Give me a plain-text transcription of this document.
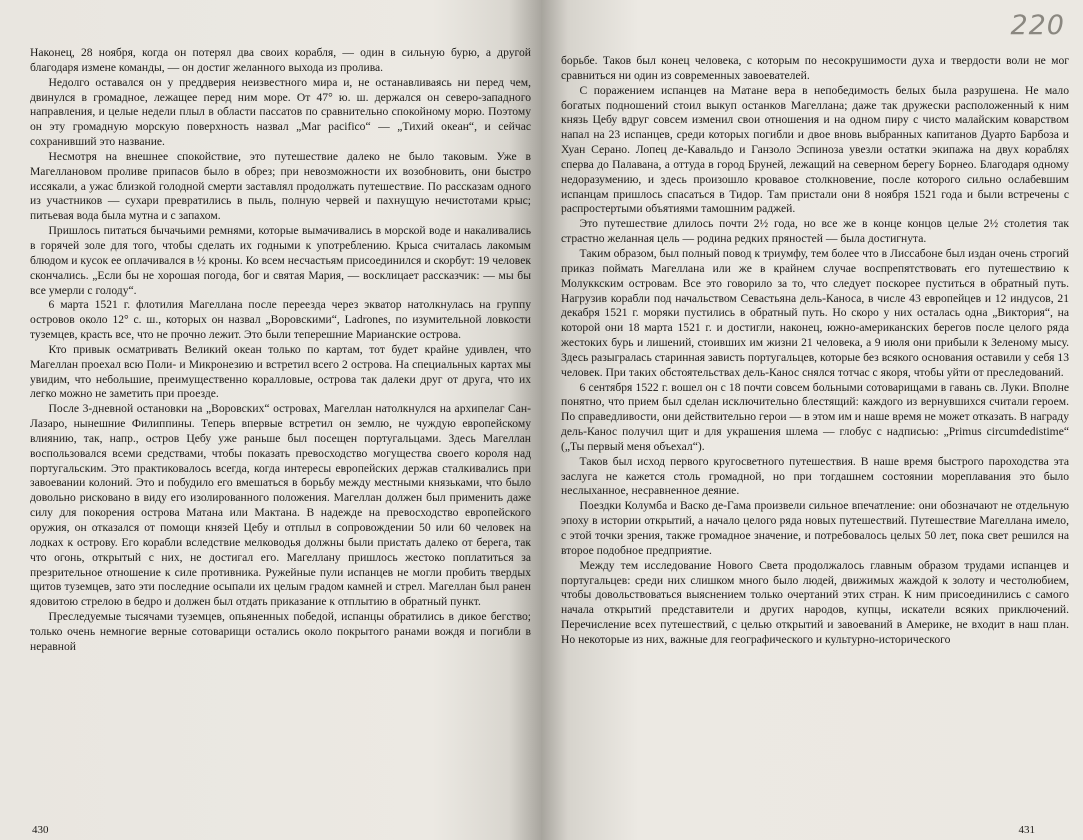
Наконец, 28 ноября, когда он потерял два своих корабля, — один в сильную бурю, а другой благодаря измене команды, — он достиг желанного выхода из пролива.

Недолго оставался он у преддверия неизвестного мира и, не останавливаясь ни перед чем, двинулся в громадное, лежащее перед ним море. От 47° ю. ш. держался он северо-западного направления, и целые недели плыл в области пассатов по сравнительно спокойному морю. Поэтому он эту громадную морскую поверхность назвал „Mar pacifico“ — „Тихий океан“, и сейчас сохранивший это название.

Несмотря на внешнее спокойствие, это путешествие далеко не было таковым. Уже в Магеллановом проливе припасов было в обрез; при невозможности их возобновить, они быстро иссякали, а ужас близкой голодной смерти заставлял продолжать путешествие. По рассказам одного из участников — сухари превратились в пыль, полную червей и пахнущую нечистотами крыс; питьевая вода была мутна и с запахом.

Пришлось питаться бычачьими ремнями, которые вымачивались в морской воде и накаливались в горячей золе для того, чтобы сделать их годными к употреблению. Крыса считалась лакомым блюдом и кусок ее оплачивался в ½ кроны. Ко всем несчастьям присоединился и скорбут: 19 человек скончались. „Если бы не хорошая погода, бог и святая Мария, — восклицает рассказчик: — мы бы все умерли с голоду“.

6 марта 1521 г. флотилия Магеллана после переезда через экватор натолкнулась на группу островов около 12° с. ш., которых он назвал „Воровскими“, Ladrones, по изумительной ловкости туземцев, красть все, что не прочно лежит. Это были теперешние Марианские острова.

Кто привык осматривать Великий океан только по картам, тот будет крайне удивлен, что Магеллан проехал всю Поли- и Микронезию и встретил всего 2 острова. На специальных картах мы увидим, что небольшие, преимущественно коралловые, острова так далеки друг от друга, что их легко можно не заметить при проезде.

После 3-дневной остановки на „Воровских“ островах, Магеллан натолкнулся на архипелаг Сан-Лазаро, нынешние Филиппины. Теперь впервые встретил он землю, не чуждую европейскому влиянию, так, напр., остров Цебу уже раньше был посещен португальцами. Здесь Магеллан воспользовался всеми средствами, чтобы показать превосходство могущества своего короля над португальским. Это практиковалось всегда, когда интересы европейских держав сталкивались при завоевании колоний. Это и побудило его вмешаться в борьбу между местными князьками, что было довольно рисковано в виду его изолированного положения. Магеллан должен был применить даже силу для покорения острова Матана или Мактана. В надежде на превосходство европейского оружия, он отказался от помощи князей Цебу и отплыл в сопровождении 50 или 60 человек на лодках к острову. Его корабли вследствие мелководья должны были пристать далеко от берега, так что огонь, открытый с них, не достигал его. Магеллану пришлось жестоко поплатиться за презрительное отношение к силе противника. Ружейные пули испанцев не могли пробить твердых щитов туземцев, зато эти последние осыпали их целым градом камней и стрел. Магеллан был ранен ядовитою стрелою в бедро и должен был отдать приказание к отплытию в обратный пункт.

Преследуемые тысячами туземцев, опьяненных победой, испанцы обратились в дикое бегство; только очень немногие верные сотоварищи остались около покрытого ранами вождя и погибли в неравной

430
220

борьбе. Таков был конец человека, с которым по несокрушимости духа и твердости воли не мог сравниться ни один из современных завоевателей.

С поражением испанцев на Матане вера в непобедимость белых была разрушена. Не мало богатых подношений стоил выкуп останков Магеллана; даже так дружески расположенный к ним князь Цебу вдруг совсем изменил свои отношения и на одном пиру с чисто малайским коварством напал на 23 испанцев, среди которых погибли и двое вновь выбранных капитанов Дуарто Барбоза и Хуан Серано. Лопец де-Кавальдо и Ганзоло Эспиноза увезли остатки экипажа на двух кораблях сперва до Палавана, а оттуда в город Бруней, лежащий на северном берегу Борнео. Благодаря одному недоразумению, и здесь произошло кровавое столкновение, после которого сильно ослабевшим испанцам пришлось спасаться в Тидор. Там пристали они 8 ноября 1521 года и были встречены с распростертыми объятиями тамошним раджей.

Это путешествие длилось почти 2½ года, но все же в конце концов целые 2½ столетия так страстно желанная цель — родина редких пряностей — была достигнута.

Таким образом, был полный повод к триумфу, тем более что в Лиссабоне был издан очень строгий приказ поймать Магеллана или же в крайнем случае воспрепятствовать его путешествию к Молуккским островам. Все это говорило за то, что следует поскорее пуститься в обратный путь. Нагрузив корабли под начальством Севастьяна дель-Каноса, в числе 43 европейцев и 12 индусов, 21 декабря 1521 г. моряки пустились в обратный путь. Но скоро у них осталась одна „Виктория“, на которой они 18 марта 1521 г. и достигли, наконец, южно-американских берегов после целого ряда жестоких бурь и лишений, стоивших им жизни 21 человека, а 9 июля они прибыли к Зеленому мысу. Здесь разыгралась старинная зависть португальцев, которые без всякого основания оставили у себя 13 человек. При таких обстоятельствах дель-Канос снялся тотчас с якоря, чтобы уйти от преследований.

6 сентября 1522 г. вошел он с 18 почти совсем больными сотоварищами в гавань св. Луки. Вполне понятно, что прием был сделан исключительно блестящий: каждого из вернувшихся считали героем. По справедливости, они действительно герои — в этом им и наше время не может отказать. В награду дель-Канос получил щит и для украшения шлема — глобус с надписью: „Primus circumdedistime“ („Ты первый меня объехал“).

Таков был исход первого кругосветного путешествия. В наше время быстрого пароходства эта заслуга не кажется столь громадной, но при тогдашнем состоянии мореплавания это было неслыханное, несравненное деяние.

Поездки Колумба и Васко де-Гама произвели сильное впечатление: они обозначают не отдельную эпоху в истории открытий, а начало целого ряда новых путешествий. Путешествие Магеллана имело, с этой точки зрения, также громадное значение, и потребовалось целых 50 лет, пока свет решился на второе подобное предприятие.

Между тем исследование Нового Света продолжалось главным образом трудами испанцев и португальцев: среди них слишком много было людей, движимых жаждой к золоту и честолюбием, чтобы довольствоваться выяснением только очертаний этих стран. К ним присоединились с самого начала открытий представители и других народов, купцы, искатели всяких приключений. Перечисление всех путешествий, с целью открытий и завоеваний в Америке, не входит в наш план. Но некоторые из них, важные для географического и культурно-исторического

431
